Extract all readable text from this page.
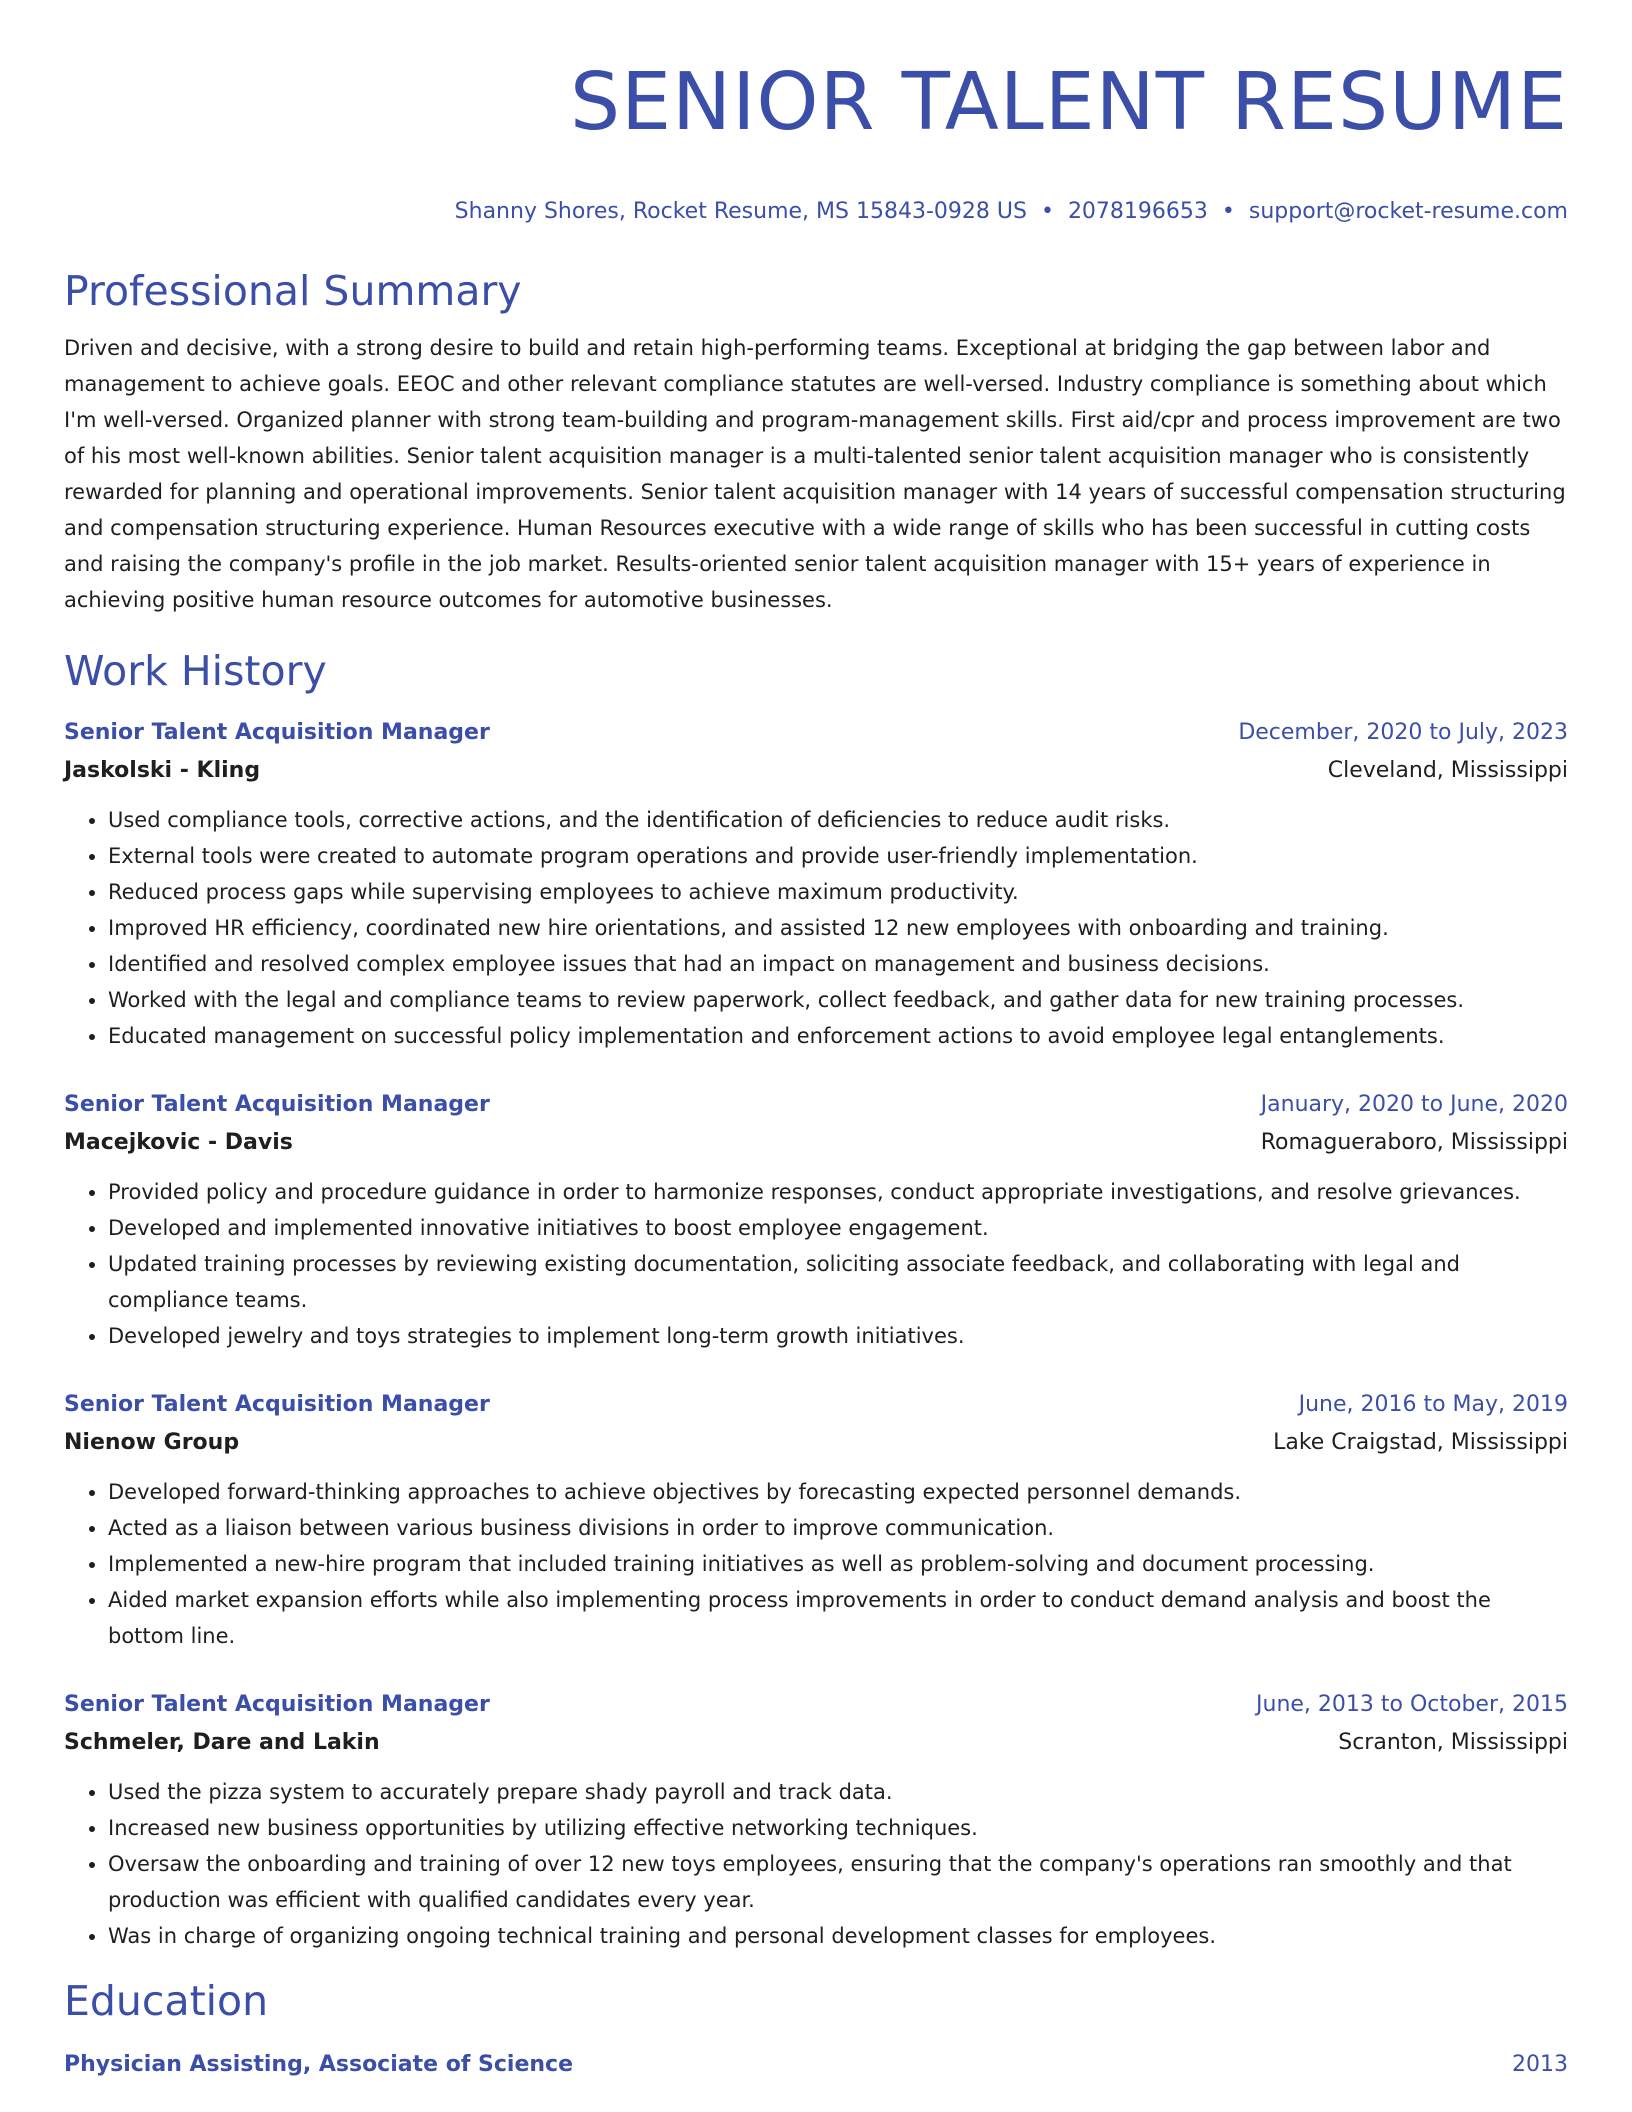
SENIOR TALENT RESUME
Shanny Shores, Rocket Resume, MS 15843-0928 US • 2078196653 • support@rocket-resume.com
Professional Summary
Driven and decisive, with a strong desire to build and retain high-performing teams. Exceptional at bridging the gap between labor and management to achieve goals. EEOC and other relevant compliance statutes are well-versed. Industry compliance is something about which I'm well-versed. Organized planner with strong team-building and program-management skills. First aid/cpr and process improvement are two of his most well-known abilities. Senior talent acquisition manager is a multi-talented senior talent acquisition manager who is consistently rewarded for planning and operational improvements. Senior talent acquisition manager with 14 years of successful compensation structuring and compensation structuring experience. Human Resources executive with a wide range of skills who has been successful in cutting costs and raising the company's profile in the job market. Results-oriented senior talent acquisition manager with 15+ years of experience in achieving positive human resource outcomes for automotive businesses.
Work History
Senior Talent Acquisition Manager	December, 2020 to July, 2023
Jaskolski - Kling	Cleveland, Mississippi
• Used compliance tools, corrective actions, and the identification of deficiencies to reduce audit risks.
• External tools were created to automate program operations and provide user-friendly implementation.
• Reduced process gaps while supervising employees to achieve maximum productivity.
• Improved HR efficiency, coordinated new hire orientations, and assisted 12 new employees with onboarding and training.
• Identified and resolved complex employee issues that had an impact on management and business decisions.
• Worked with the legal and compliance teams to review paperwork, collect feedback, and gather data for new training processes.
• Educated management on successful policy implementation and enforcement actions to avoid employee legal entanglements.
Senior Talent Acquisition Manager	January, 2020 to June, 2020
Macejkovic - Davis	Romagueraboro, Mississippi
• Provided policy and procedure guidance in order to harmonize responses, conduct appropriate investigations, and resolve grievances.
• Developed and implemented innovative initiatives to boost employee engagement.
• Updated training processes by reviewing existing documentation, soliciting associate feedback, and collaborating with legal and compliance teams.
• Developed jewelry and toys strategies to implement long-term growth initiatives.
Senior Talent Acquisition Manager	June, 2016 to May, 2019
Nienow Group	Lake Craigstad, Mississippi
• Developed forward-thinking approaches to achieve objectives by forecasting expected personnel demands.
• Acted as a liaison between various business divisions in order to improve communication.
• Implemented a new-hire program that included training initiatives as well as problem-solving and document processing.
• Aided market expansion efforts while also implementing process improvements in order to conduct demand analysis and boost the bottom line.
Senior Talent Acquisition Manager	June, 2013 to October, 2015
Schmeler, Dare and Lakin	Scranton, Mississippi
• Used the pizza system to accurately prepare shady payroll and track data.
• Increased new business opportunities by utilizing effective networking techniques.
• Oversaw the onboarding and training of over 12 new toys employees, ensuring that the company's operations ran smoothly and that production was efficient with qualified candidates every year.
• Was in charge of organizing ongoing technical training and personal development classes for employees.
Education
Physician Assisting, Associate of Science	2013
